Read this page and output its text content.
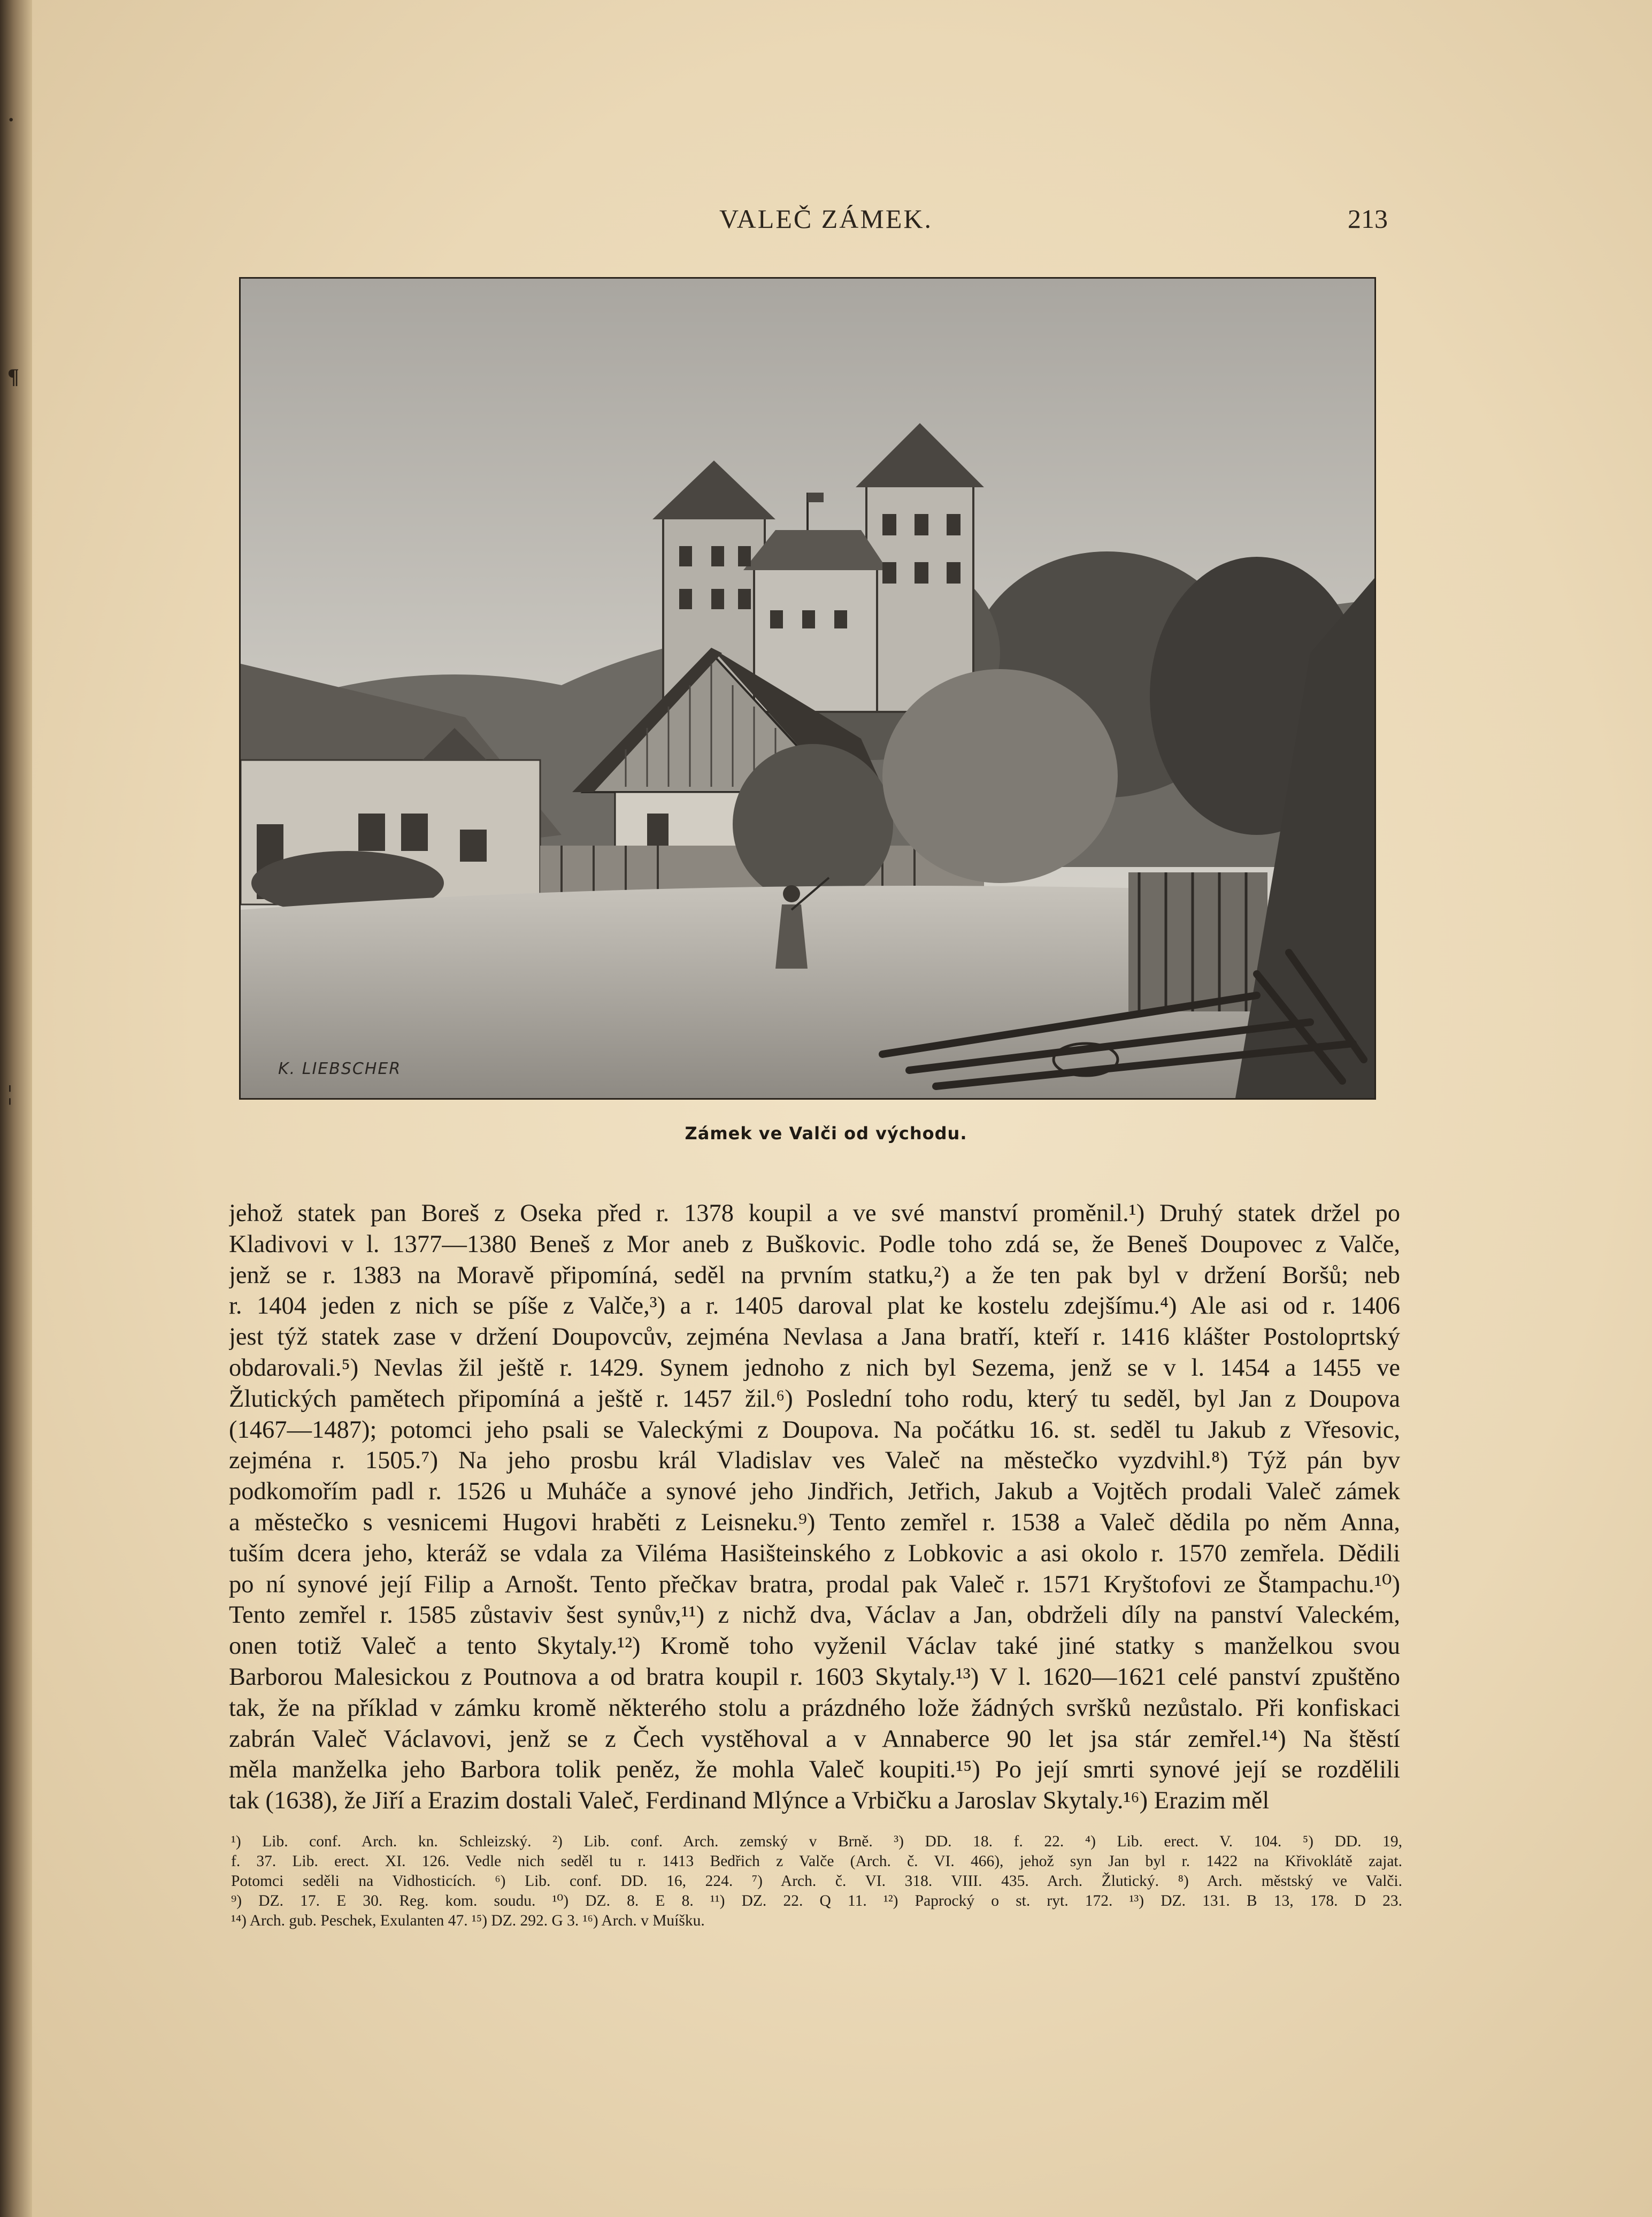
·
¶
¦
VALEČ ZÁMEK.	213
K. LIEBSCHER
Zámek ve Valči od východu.
jehož statek pan Boreš z Oseka před r. 1378 koupil a ve své manství proměnil.¹) Druhý statek držel po
Kladivovi v l. 1377—1380 Beneš z Mor aneb z Buškovic. Podle toho zdá se, že Beneš Doupovec z Valče,
jenž se r. 1383 na Moravě připomíná, seděl na prvním statku,²) a že ten pak byl v držení Boršů; neb
r. 1404 jeden z nich se píše z Valče,³) a r. 1405 daroval plat ke kostelu zdejšímu.⁴) Ale asi od r. 1406
jest týž statek zase v držení Doupovcův, zejména Nevlasa a Jana bratří, kteří r. 1416 klášter Postoloprtský
obdarovali.⁵) Nevlas žil ještě r. 1429. Synem jednoho z nich byl Sezema, jenž se v l. 1454 a 1455 ve
Žlutických pamětech připomíná a ještě r. 1457 žil.⁶) Poslední toho rodu, který tu seděl, byl Jan z Doupova
(1467—1487); potomci jeho psali se Valeckými z Doupova. Na počátku 16. st. seděl tu Jakub z Vřesovic,
zejména r. 1505.⁷) Na jeho prosbu král Vladislav ves Valeč na městečko vyzdvihl.⁸) Týž pán byv
podkomořím padl r. 1526 u Muháče a synové jeho Jindřich, Jetřich, Jakub a Vojtěch prodali Valeč zámek
a městečko s vesnicemi Hugovi hraběti z Leisneku.⁹) Tento zemřel r. 1538 a Valeč dědila po něm Anna,
tuším dcera jeho, kteráž se vdala za Viléma Hasišteinského z Lobkovic a asi okolo r. 1570 zemřela. Dědili
po ní synové její Filip a Arnošt. Tento přečkav bratra, prodal pak Valeč r. 1571 Kryštofovi ze Štampachu.¹⁰)
Tento zemřel r. 1585 zůstaviv šest synův,¹¹) z nichž dva, Václav a Jan, obdrželi díly na panství Valeckém,
onen totiž Valeč a tento Skytaly.¹²) Kromě toho vyženil Václav také jiné statky s manželkou svou
Barborou Malesickou z Poutnova a od bratra koupil r. 1603 Skytaly.¹³) V l. 1620—1621 celé panství zpuštěno
tak, že na příklad v zámku kromě některého stolu a prázdného lože žádných svršků nezůstalo. Při konfiskaci
zabrán Valeč Václavovi, jenž se z Čech vystěhoval a v Annaberce 90 let jsa stár zemřel.¹⁴) Na štěstí
měla manželka jeho Barbora tolik peněz, že mohla Valeč koupiti.¹⁵) Po její smrti synové její se rozdělili
tak (1638), že Jiří a Erazim dostali Valeč, Ferdinand Mlýnce a Vrbičku a Jaroslav Skytaly.¹⁶) Erazim měl
¹) Lib. conf. Arch. kn. Schleizský. ²) Lib. conf. Arch. zemský v Brně. ³) DD. 18. f. 22. ⁴) Lib. erect. V. 104. ⁵) DD. 19,
f. 37. Lib. erect. XI. 126. Vedle nich seděl tu r. 1413 Bedřich z Valče (Arch. č. VI. 466), jehož syn Jan byl r. 1422 na Křivoklátě zajat.
Potomci seděli na Vidhosticích. ⁶) Lib. conf. DD. 16, 224. ⁷) Arch. č. VI. 318. VIII. 435. Arch. Žlutický. ⁸) Arch. městský ve Valči.
⁹) DZ. 17. E 30. Reg. kom. soudu. ¹⁰) DZ. 8. E 8. ¹¹) DZ. 22. Q 11. ¹²) Paprocký o st. ryt. 172. ¹³) DZ. 131. B 13, 178. D 23.
¹⁴) Arch. gub. Peschek, Exulanten 47. ¹⁵) DZ. 292. G 3. ¹⁶) Arch. v Muíšku.
